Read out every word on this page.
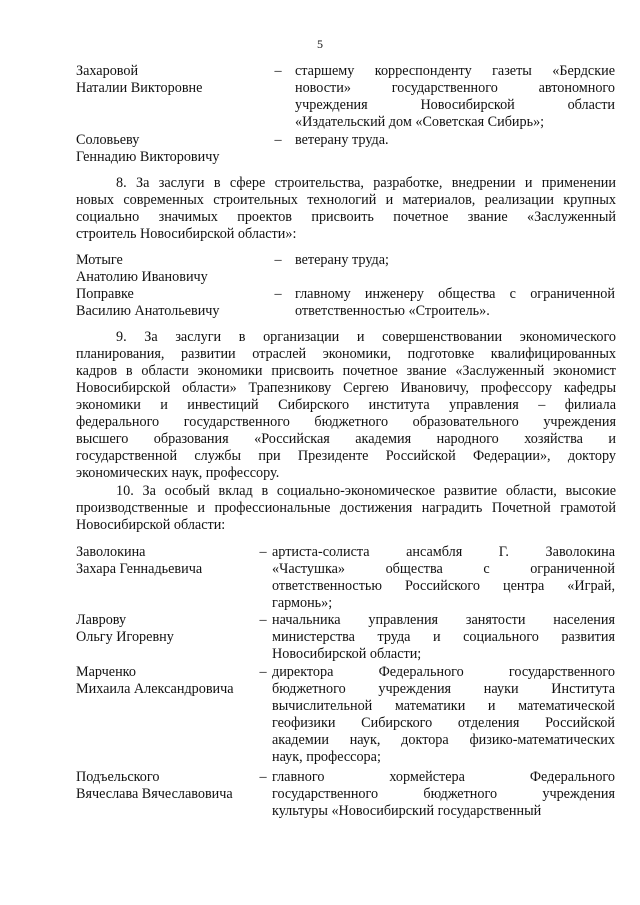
5
Захаровой
Наталии Викторовне
– старшему корреспонденту газеты «Бердские
новости» государственного автономного
учреждения Новосибирской области
«Издательский дом «Советская Сибирь»;
Соловьеву
Геннадию Викторовичу
– ветерану труда.
8. За заслуги в сфере строительства, разработке, внедрении и применении
новых современных строительных технологий и материалов, реализации крупных
социально значимых проектов присвоить почетное звание «Заслуженный
строитель Новосибирской области»:
Мотыге
Анатолию Ивановичу
– ветерану труда;
Поправке
Василию Анатольевичу
– главному инженеру общества с ограниченной
ответственностью «Строитель».
9. За заслуги в организации и совершенствовании экономического
планирования, развитии отраслей экономики, подготовке квалифицированных
кадров в области экономики присвоить почетное звание «Заслуженный экономист
Новосибирской области» Трапезникову Сергею Ивановичу, профессору кафедры
экономики и инвестиций Сибирского института управления – филиала
федерального государственного бюджетного образовательного учреждения
высшего образования «Российская академия народного хозяйства и
государственной службы при Президенте Российской Федерации», доктору
экономических наук, профессору.
10. За особый вклад в социально-экономическое развитие области, высокие
производственные и профессиональные достижения наградить Почетной грамотой
Новосибирской области:
Заволокина
Захара Геннадьевича
– артиста-солиста ансамбля Г. Заволокина
«Частушка» общества с ограниченной
ответственностью Российского центра «Играй,
гармонь»;
Лаврову
Ольгу Игоревну
– начальника управления занятости населения
министерства труда и социального развития
Новосибирской области;
Марченко
Михаила Александровича
– директора Федерального государственного
бюджетного учреждения науки Института
вычислительной математики и математической
геофизики Сибирского отделения Российской
академии наук, доктора физико-математических
наук, профессора;
Подъельского
Вячеслава Вячеславовича
– главного хормейстера Федерального
государственного бюджетного учреждения
культуры «Новосибирский государственный
